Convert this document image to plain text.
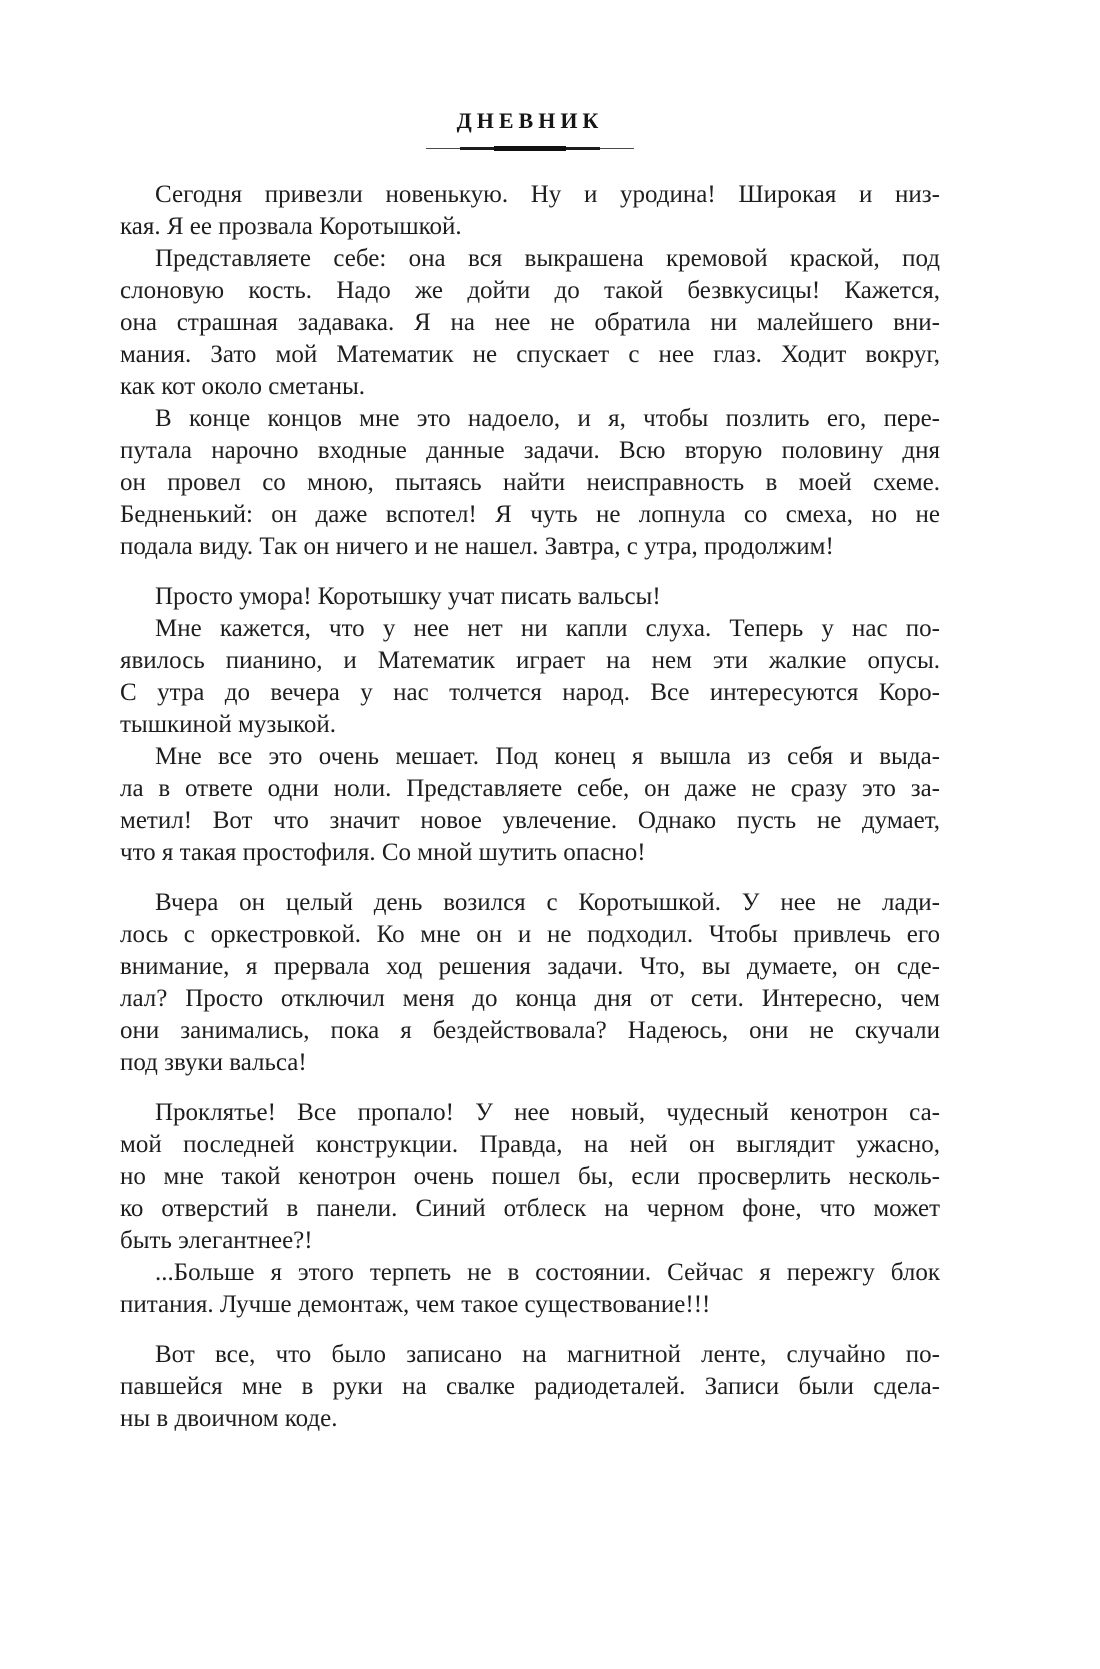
ДНЕВНИК
Сегодня привезли новенькую. Ну и уродина! Широкая и низ-
кая. Я ее прозвала Коротышкой.
Представляете себе: она вся выкрашена кремовой краской, под
слоновую кость. Надо же дойти до такой безвкусицы! Кажется,
она страшная задавака. Я на нее не обратила ни малейшего вни-
мания. Зато мой Математик не спускает с нее глаз. Ходит вокруг,
как кот около сметаны.
В конце концов мне это надоело, и я, чтобы позлить его, пере-
путала нарочно входные данные задачи. Всю вторую половину дня
он провел со мною, пытаясь найти неисправность в моей схеме.
Бедненький: он даже вспотел! Я чуть не лопнула со смеха, но не
подала виду. Так он ничего и не нашел. Завтра, с утра, продолжим!
Просто умора! Коротышку учат писать вальсы!
Мне кажется, что у нее нет ни капли слуха. Теперь у нас по-
явилось пианино, и Математик играет на нем эти жалкие опусы.
С утра до вечера у нас толчется народ. Все интересуются Коро-
тышкиной музыкой.
Мне все это очень мешает. Под конец я вышла из себя и выда-
ла в ответе одни ноли. Представляете себе, он даже не сразу это за-
метил! Вот что значит новое увлечение. Однако пусть не думает,
что я такая простофиля. Со мной шутить опасно!
Вчера он целый день возился с Коротышкой. У нее не лади-
лось с оркестровкой. Ко мне он и не подходил. Чтобы привлечь его
внимание, я прервала ход решения задачи. Что, вы думаете, он сде-
лал? Просто отключил меня до конца дня от сети. Интересно, чем
они занимались, пока я бездействовала? Надеюсь, они не скучали
под звуки вальса!
Проклятье! Все пропало! У нее новый, чудесный кенотрон са-
мой последней конструкции. Правда, на ней он выглядит ужасно,
но мне такой кенотрон очень пошел бы, если просверлить несколь-
ко отверстий в панели. Синий отблеск на черном фоне, что может
быть элегантнее?!
...Больше я этого терпеть не в состоянии. Сейчас я пережгу блок
питания. Лучше демонтаж, чем такое существование!!!
Вот все, что было записано на магнитной ленте, случайно по-
павшейся мне в руки на свалке радиодеталей. Записи были сдела-
ны в двоичном коде.
